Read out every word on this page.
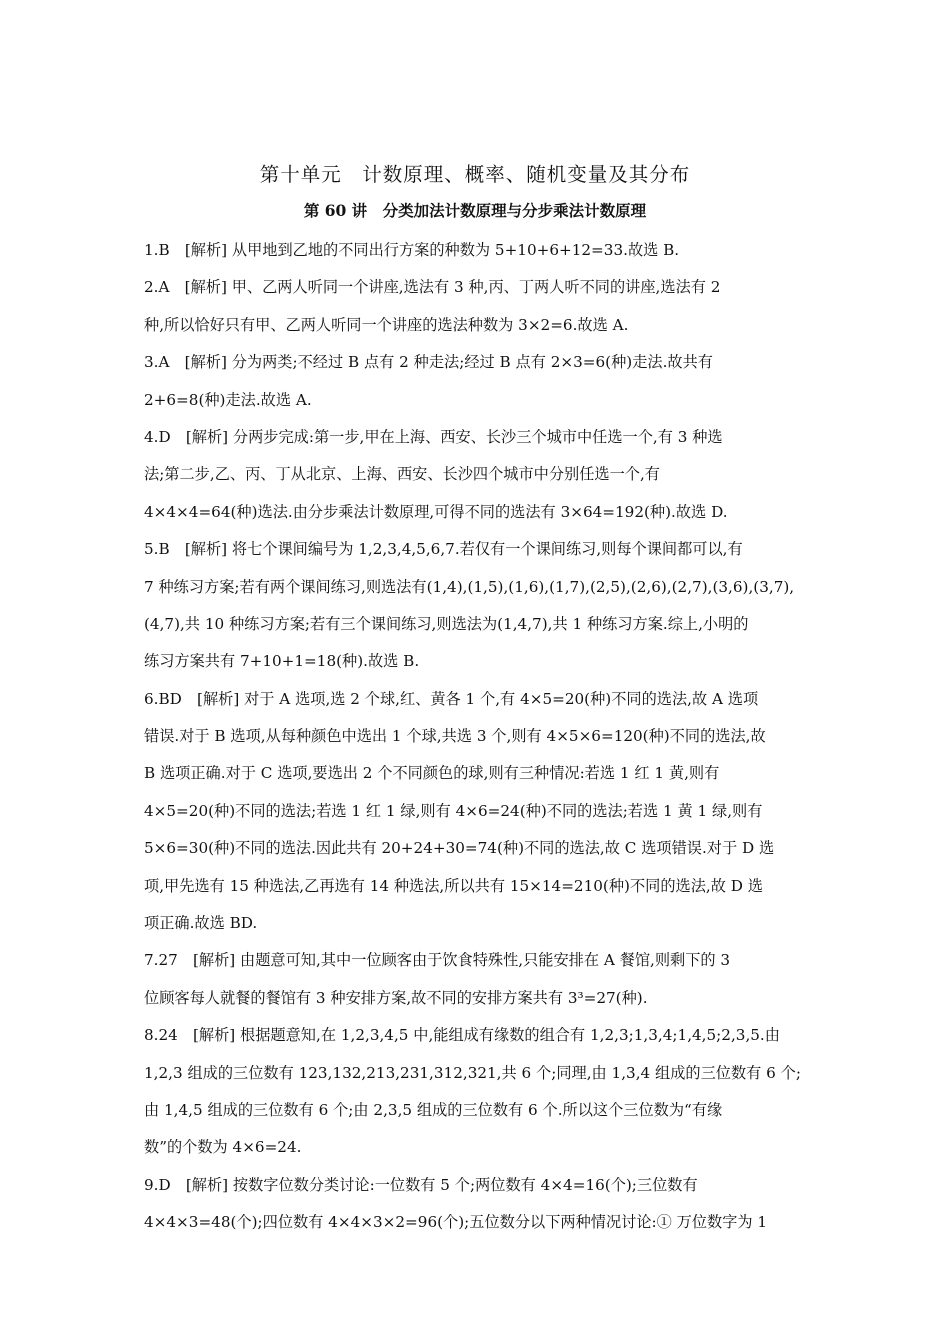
第十单元　计数原理、概率、随机变量及其分布
第 60 讲　分类加法计数原理与分步乘法计数原理
1.B　[解析] 从甲地到乙地的不同出行方案的种数为 5+10+6+12=33.故选 B.
2.A　[解析] 甲、乙两人听同一个讲座,选法有 3 种,丙、丁两人听不同的讲座,选法有 2
种,所以恰好只有甲、乙两人听同一个讲座的选法种数为 3×2=6.故选 A.
3.A　[解析] 分为两类;不经过 B 点有 2 种走法;经过 B 点有 2×3=6(种)走法.故共有
2+6=8(种)走法.故选 A.
4.D　[解析] 分两步完成:第一步,甲在上海、西安、长沙三个城市中任选一个,有 3 种选
法;第二步,乙、丙、丁从北京、上海、西安、长沙四个城市中分别任选一个,有
4×4×4=64(种)选法.由分步乘法计数原理,可得不同的选法有 3×64=192(种).故选 D.
5.B　[解析] 将七个课间编号为 1,2,3,4,5,6,7.若仅有一个课间练习,则每个课间都可以,有
7 种练习方案;若有两个课间练习,则选法有(1,4),(1,5),(1,6),(1,7),(2,5),(2,6),(2,7),(3,6),(3,7),
(4,7),共 10 种练习方案;若有三个课间练习,则选法为(1,4,7),共 1 种练习方案.综上,小明的
练习方案共有 7+10+1=18(种).故选 B.
6.BD　[解析] 对于 A 选项,选 2 个球,红、黄各 1 个,有 4×5=20(种)不同的选法,故 A 选项
错误.对于 B 选项,从每种颜色中选出 1 个球,共选 3 个,则有 4×5×6=120(种)不同的选法,故
B 选项正确.对于 C 选项,要选出 2 个不同颜色的球,则有三种情况:若选 1 红 1 黄,则有
4×5=20(种)不同的选法;若选 1 红 1 绿,则有 4×6=24(种)不同的选法;若选 1 黄 1 绿,则有
5×6=30(种)不同的选法.因此共有 20+24+30=74(种)不同的选法,故 C 选项错误.对于 D 选
项,甲先选有 15 种选法,乙再选有 14 种选法,所以共有 15×14=210(种)不同的选法,故 D 选
项正确.故选 BD.
7.27　[解析] 由题意可知,其中一位顾客由于饮食特殊性,只能安排在 A 餐馆,则剩下的 3
位顾客每人就餐的餐馆有 3 种安排方案,故不同的安排方案共有 3³=27(种).
8.24　[解析] 根据题意知,在 1,2,3,4,5 中,能组成有缘数的组合有 1,2,3;1,3,4;1,4,5;2,3,5.由
1,2,3 组成的三位数有 123,132,213,231,312,321,共 6 个;同理,由 1,3,4 组成的三位数有 6 个;
由 1,4,5 组成的三位数有 6 个;由 2,3,5 组成的三位数有 6 个.所以这个三位数为“有缘
数”的个数为 4×6=24.
9.D　[解析] 按数字位数分类讨论:一位数有 5 个;两位数有 4×4=16(个);三位数有
4×4×3=48(个);四位数有 4×4×3×2=96(个);五位数分以下两种情况讨论:① 万位数字为 1
